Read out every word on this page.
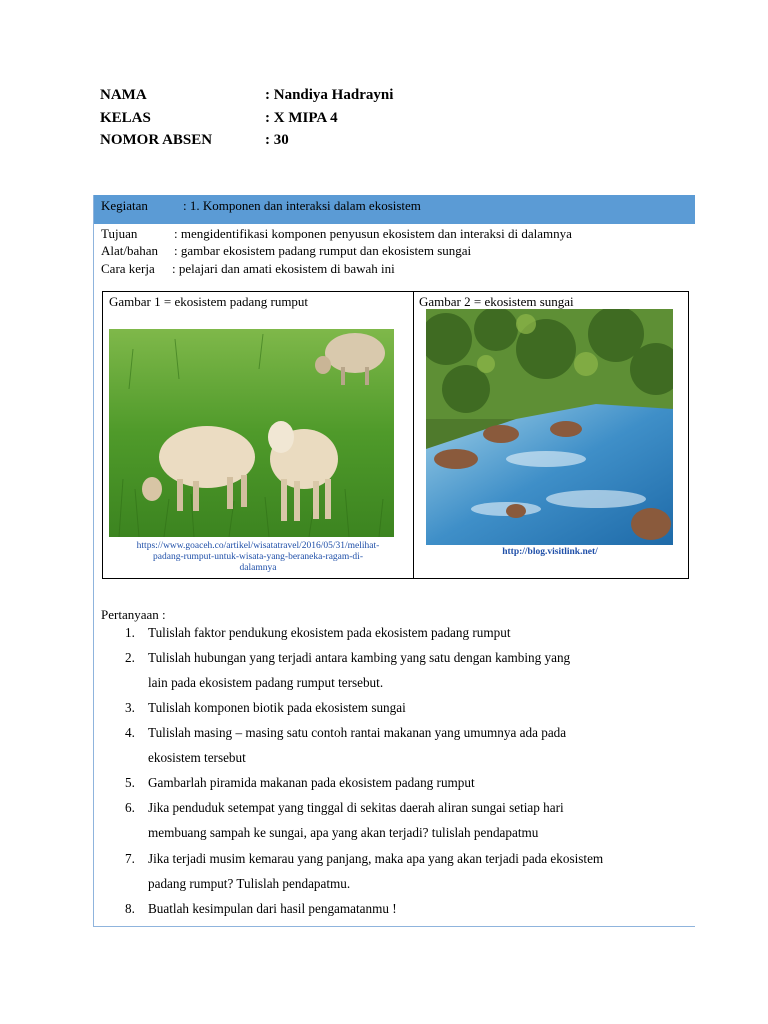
NAMA	: Nandiya Hadrayni
KELAS	: X MIPA 4
NOMOR ABSEN	: 30
Kegiatan	: 1. Komponen dan interaksi dalam ekosistem
Tujuan	: mengidentifikasi komponen penyusun ekosistem dan interaksi di dalamnya
Alat/bahan : gambar ekosistem padang rumput dan ekosistem sungai
Cara kerja : pelajari dan amati ekosistem di bawah ini
Gambar 1 = ekosistem padang rumput
https://www.goaceh.co/artikel/wisatatravel/2016/05/31/melihat-
padang-rumput-untuk-wisata-yang-beraneka-ragam-di-
dalamnya
Gambar 2 = ekosistem sungai
http://blog.visitlink.net/
Pertanyaan :
1. Tulislah faktor pendukung ekosistem pada ekosistem padang rumput
2. Tulislah hubungan yang terjadi antara kambing yang satu dengan kambing yang
lain pada ekosistem padang rumput tersebut.
3. Tulislah komponen biotik pada ekosistem sungai
4. Tulislah masing – masing satu contoh rantai makanan yang umumnya ada pada
ekosistem tersebut
5. Gambarlah piramida makanan pada ekosistem padang rumput
6. Jika penduduk setempat yang tinggal di sekitas daerah aliran sungai setiap hari
membuang sampah ke sungai, apa yang akan terjadi? tulislah pendapatmu
7. Jika terjadi musim kemarau yang panjang, maka apa yang akan terjadi pada ekosistem
padang rumput? Tulislah pendapatmu.
8. Buatlah kesimpulan dari hasil pengamatanmu !
